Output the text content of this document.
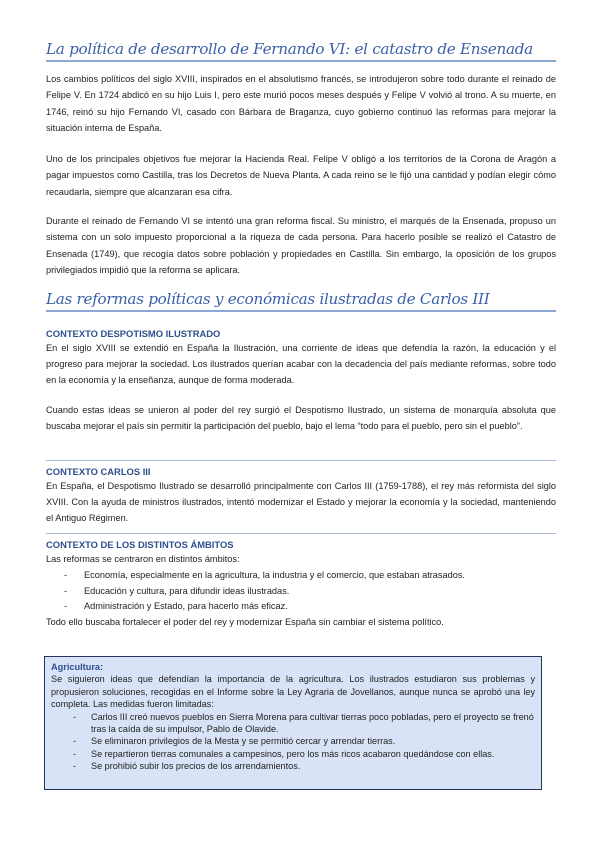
La política de desarrollo de Fernando VI: el catastro de Ensenada

Los cambios políticos del siglo XVIII, inspirados en el absolutismo francés, se introdujeron sobre todo durante el reinado de Felipe V. En 1724 abdicó en su hijo Luis I, pero este murió pocos meses después y Felipe V volvió al trono. A su muerte, en 1746, reinó su hijo Fernando VI, casado con Bárbara de Braganza, cuyo gobierno continuó las reformas para mejorar la situación interna de España.

Uno de los principales objetivos fue mejorar la Hacienda Real. Felipe V obligó a los territorios de la Corona de Aragón a pagar impuestos como Castilla, tras los Decretos de Nueva Planta. A cada reino se le fijó una cantidad y podían elegir cómo recaudarla, siempre que alcanzaran esa cifra.

Durante el reinado de Fernando VI se intentó una gran reforma fiscal. Su ministro, el marqués de la Ensenada, propuso un sistema con un solo impuesto proporcional a la riqueza de cada persona. Para hacerlo posible se realizó el Catastro de Ensenada (1749), que recogía datos sobre población y propiedades en Castilla. Sin embargo, la oposición de los grupos privilegiados impidió que la reforma se aplicara.

Las reformas políticas y económicas ilustradas de Carlos III
CONTEXTO DESPOTISMO ILUSTRADO

En el siglo XVIII se extendió en España la Ilustración, una corriente de ideas que defendía la razón, la educación y el progreso para mejorar la sociedad. Los ilustrados querían acabar con la decadencia del país mediante reformas, sobre todo en la economía y la enseñanza, aunque de forma moderada.

Cuando estas ideas se unieron al poder del rey surgió el Despotismo Ilustrado, un sistema de monarquía absoluta que buscaba mejorar el país sin permitir la participación del pueblo, bajo el lema “todo para el pueblo, pero sin el pueblo”.

CONTEXTO CARLOS III

En España, el Despotismo Ilustrado se desarrolló principalmente con Carlos III (1759-1788), el rey más reformista del siglo XVIII. Con la ayuda de ministros ilustrados, intentó modernizar el Estado y mejorar la economía y la sociedad, manteniendo el Antiguo Régimen.

CONTEXTO DE LOS DISTINTOS ÁMBITOS

Las reformas se centraron en distintos ámbitos:

- Economía, especialmente en la agricultura, la industria y el comercio, que estaban atrasados.
- Educación y cultura, para difundir ideas ilustradas.
- Administración y Estado, para hacerlo más eficaz.

Todo ello buscaba fortalecer el poder del rey y modernizar España sin cambiar el sistema político.

Agricultura:

Se siguieron ideas que defendían la importancia de la agricultura. Los ilustrados estudiaron sus problemas y propusieron soluciones, recogidas en el Informe sobre la Ley Agraria de Jovellanos, aunque nunca se aprobó una ley completa. Las medidas fueron limitadas:

- Carlos III creó nuevos pueblos en Sierra Morena para cultivar tierras poco pobladas, pero el proyecto se frenó tras la caída de su impulsor, Pablo de Olavide.
- Se eliminaron privilegios de la Mesta y se permitió cercar y arrendar tierras.
- Se repartieron tierras comunales a campesinos, pero los más ricos acabaron quedándose con ellas.
- Se prohibió subir los precios de los arrendamientos.
